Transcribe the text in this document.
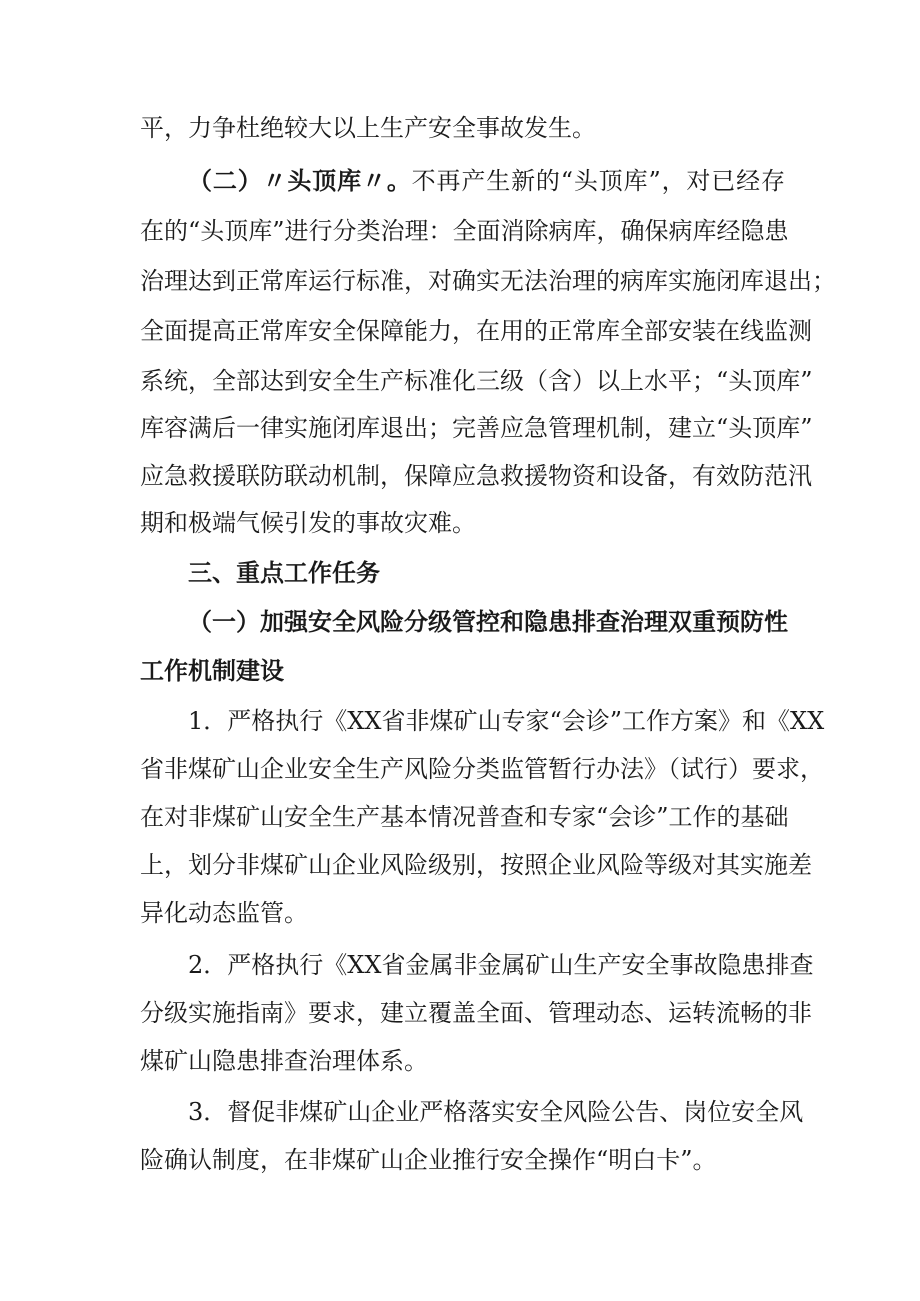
平，力争杜绝较大以上生产安全事故发生。
（二）〃头顶库〃。不再产生新的“头顶库”，对已经存
在的“头顶库”进行分类治理：全面消除病库，确保病库经隐患
治理达到正常库运行标准，对确实无法治理的病库实施闭库退出；
全面提高正常库安全保障能力，在用的正常库全部安装在线监测
系统，全部达到安全生产标准化三级（含）以上水平；“头顶库”
库容满后一律实施闭库退出；完善应急管理机制，建立“头顶库”
应急救援联防联动机制，保障应急救援物资和设备，有效防范汛
期和极端气候引发的事故灾难。
三、重点工作任务
（一）加强安全风险分级管控和隐患排查治理双重预防性
工作机制建设
1．严格执行《XX省非煤矿山专家“会诊”工作方案》和《XX
省非煤矿山企业安全生产风险分类监管暂行办法》（试行）要求，
在对非煤矿山安全生产基本情况普查和专家“会诊”工作的基础
上，划分非煤矿山企业风险级别，按照企业风险等级对其实施差
异化动态监管。
2．严格执行《XX省金属非金属矿山生产安全事故隐患排查
分级实施指南》要求，建立覆盖全面、管理动态、运转流畅的非
煤矿山隐患排查治理体系。
3．督促非煤矿山企业严格落实安全风险公告、岗位安全风
险确认制度，在非煤矿山企业推行安全操作“明白卡”。
